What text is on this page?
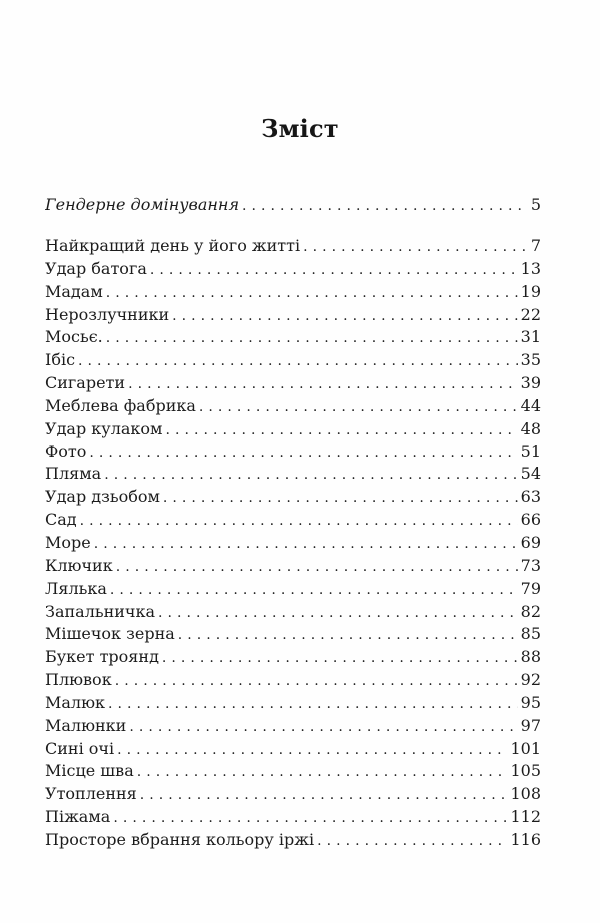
Зміст
Гендерне домінування . . .	5
Найкращий день у його житті . . .	7
Удар батога . . .	13
Мадам . . .	19
Нерозлучники . . .	22
Мосьє. . . .	31
Ібіс . . .	35
Сигарети . . .	39
Меблева фабрика . . .	44
Удар кулаком . . .	48
Фото . . .	51
Пляма . . .	54
Удар дзьобом . . .	63
Сад . . .	66
Море . . .	69
Ключик . . .	73
Лялька . . .	79
Запальничка . . .	82
Мішечок зерна . . .	85
Букет троянд . . .	88
Плювок . . .	92
Малюк . . .	95
Малюнки . . .	97
Сині очі . . .	101
Місце шва . . .	105
Утоплення . . .	108
Піжама . . .	112
Просторе вбрання кольору іржі . . .	116
